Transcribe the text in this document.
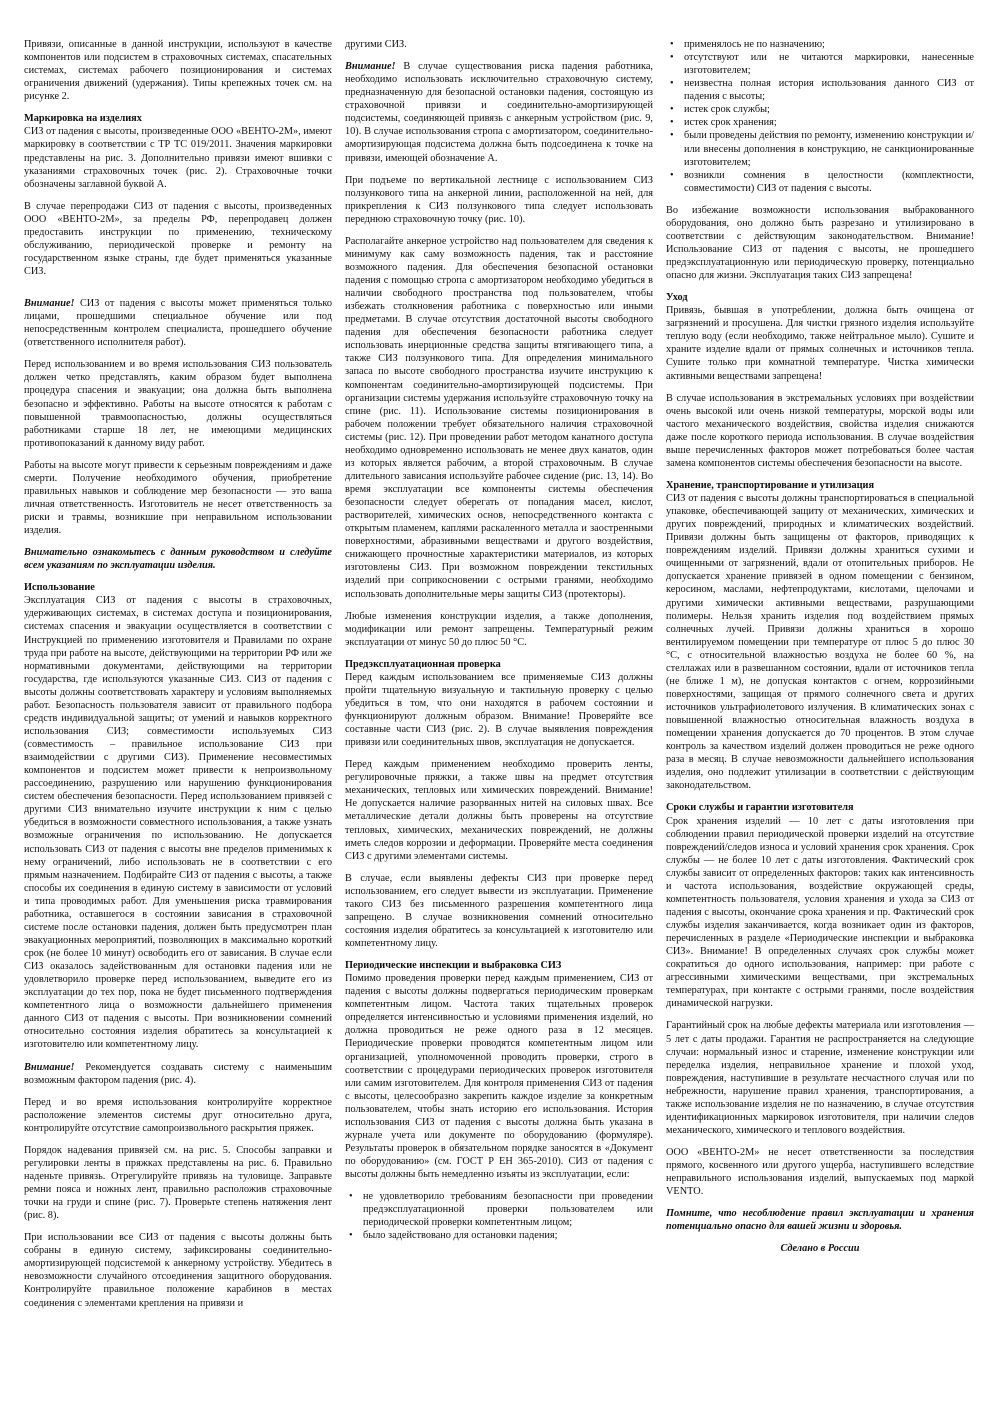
Привязи, описанные в данной инструкции, используют в качестве компонентов или подсистем в страховочных системах, спасательных системах, системах рабочего позиционирования и системах ограничения движений (удержания). Типы крепежных точек см. на рисунке 2.

Маркировка на изделиях

СИЗ от падения с высоты, произведенные ООО «ВЕНТО-2М», имеют маркировку в соответствии с ТР ТС 019/2011. Значения маркировки представлены на рис. 3. Дополнительно привязи имеют вшивки с указаниями страховочных точек (рис. 2). Страховочные точки обозначены заглавной буквой А.

В случае перепродажи СИЗ от падения с высоты, произведенных ООО «ВЕНТО-2М», за пределы РФ, перепродавец должен предоставить инструкции по применению, техническому обслуживанию, периодической проверке и ремонту на государственном языке страны, где будет применяться указанные СИЗ.

Внимание! СИЗ от падения с высоты может применяться только лицами, прошедшими специальное обучение или под непосредственным контролем специалиста, прошедшего обучение (ответственного исполнителя работ).

Перед использованием и во время использования СИЗ пользователь должен четко представлять, каким образом будет выполнена процедура спасения и эвакуации; она должна быть выполнена безопасно и эффективно. Работы на высоте относятся к работам с повышенной травмоопасностью, должны осуществляться работниками старше 18 лет, не имеющими медицинских противопоказаний к данному виду работ.

Работы на высоте могут привести к серьезным повреждениям и даже смерти. Получение необходимого обучения, приобретение правильных навыков и соблюдение мер безопасности — это ваша личная ответственность. Изготовитель не несет ответственность за риски и травмы, возникшие при неправильном использовании изделия.

Внимательно ознакомьтесь с данным руководством и следуйте всем указаниям по эксплуатации изделия.

Использование

Эксплуатация СИЗ от падения с высоты в страховочных, удерживающих системах, в системах доступа и позиционирования, системах спасения и эвакуации осуществляется в соответствии с Инструкцией по применению изготовителя и Правилами по охране труда при работе на высоте, действующими на территории РФ или же нормативными документами, действующими на территории государства, где используются указанные СИЗ. СИЗ от падения с высоты должны соответствовать характеру и условиям выполняемых работ. Безопасность пользователя зависит от правильного подбора средств индивидуальной защиты; от умений и навыков корректного использования СИЗ; совместимости используемых СИЗ (совместимость – правильное использование СИЗ при взаимодействии с другими СИЗ). Применение несовместимых компонентов и подсистем может привести к непроизвольному рассоединению, разрушению или нарушению функционирования систем обеспечения безопасности. Перед использованием привязей с другими СИЗ внимательно изучите инструкции к ним с целью убедиться в возможности совместного использования, а также узнать возможные ограничения по использованию. Не допускается использовать СИЗ от падения с высоты вне пределов применимых к нему ограничений, либо использовать не в соответствии с его прямым назначением. Подбирайте СИЗ от падения с высоты, а также способы их соединения в единую систему в зависимости от условий и типа проводимых работ. Для уменьшения риска травмирования работника, оставшегося в состоянии зависания в страховочной системе после остановки падения, должен быть предусмотрен план эвакуационных мероприятий, позволяющих в максимально короткий срок (не более 10 минут) освободить его от зависания. В случае если СИЗ оказалось задействованным для остановки падения или не удовлетворило проверке перед использованием, выведите его из эксплуатации до тех пор, пока не будет письменного подтверждения компетентного лица о возможности дальнейшего применения данного СИЗ от падения с высоты. При возникновении сомнений относительно состояния изделия обратитесь за консультацией к изготовителю или компетентному лицу.

Внимание! Рекомендуется создавать систему с наименьшим возможным фактором падения (рис. 4).

Перед и во время использования контролируйте корректное расположение элементов системы друг относительно друга, контролируйте отсутствие самопроизвольного раскрытия пряжек.

Порядок надевания привязей см. на рис. 5. Способы заправки и регулировки ленты в пряжках представлены на рис. 6. Правильно наденьте привязь. Отрегулируйте привязь на туловище. Заправьте ремни пояса и ножных лент, правильно расположив страховочные точки на груди и спине (рис. 7). Проверьте степень натяжения лент (рис. 8).

При использовании все СИЗ от падения с высоты должны быть собраны в единую систему, зафиксированы соединительно-амортизирующей подсистемой к анкерному устройству. Убедитесь в невозможности случайного отсоединения защитного оборудования. Контролируйте правильное положение карабинов в местах соединения с элементами крепления на привязи и

другими СИЗ.

Внимание! В случае существования риска падения работника, необходимо использовать исключительно страховочную систему, предназначенную для безопасной остановки падения, состоящую из страховочной привязи и соединительно-амортизирующей подсистемы, соединяющей привязь с анкерным устройством (рис. 9, 10). В случае использования стропа с амортизатором, соединительно-амортизирующая подсистема должна быть подсоединена к точке на привязи, имеющей обозначение А.

При подъеме по вертикальной лестнице с использованием СИЗ ползункового типа на анкерной линии, расположенной на ней, для прикрепления к СИЗ ползункового типа следует использовать переднюю страховочную точку (рис. 10).

Располагайте анкерное устройство над пользователем для сведения к минимуму как саму возможность падения, так и расстояние возможного падения. Для обеспечения безопасной остановки падения с помощью стропа с амортизатором необходимо убедиться в наличии свободного пространства под пользователем, чтобы избежать столкновения работника с поверхностью или иными предметами. В случае отсутствия достаточной высоты свободного падения для обеспечения безопасности работника следует использовать инерционные средства защиты втягивающего типа, а также СИЗ ползункового типа. Для определения минимального запаса по высоте свободного пространства изучите инструкцию к компонентам соединительно-амортизирующей подсистемы. При организации системы удержания используйте страховочную точку на спине (рис. 11). Использование системы позиционирования в рабочем положении требует обязательного наличия страховочной системы (рис. 12). При проведении работ методом канатного доступа необходимо одновременно использовать не менее двух канатов, один из которых является рабочим, а второй страховочным. В случае длительного зависания используйте рабочее сидение (рис. 13, 14). Во время эксплуатации все компоненты системы обеспечения безопасности следует оберегать от попадания масел, кислот, растворителей, химических основ, непосредственного контакта с открытым пламенем, каплями раскаленного металла и заостренными поверхностями, абразивными веществами и другого воздействия, снижающего прочностные характеристики материалов, из которых изготовлены СИЗ. При возможном повреждении текстильных изделий при соприкосновении с острыми гранями, необходимо использовать дополнительные меры защиты СИЗ (протекторы).

Любые изменения конструкции изделия, а также дополнения, модификации или ремонт запрещены. Температурный режим эксплуатации от минус 50 до плюс 50 °С.

Предэксплуатационная проверка

Перед каждым использованием все применяемые СИЗ должны пройти тщательную визуальную и тактильную проверку с целью убедиться в том, что они находятся в рабочем состоянии и функционируют должным образом. Внимание! Проверяйте все составные части СИЗ (рис. 2). В случае выявления повреждения привязи или соединительных швов, эксплуатация не допускается.

Перед каждым применением необходимо проверить ленты, регулировочные пряжки, а также швы на предмет отсутствия механических, тепловых или химических повреждений. Внимание! Не допускается наличие разорванных нитей на силовых швах. Все металлические детали должны быть проверены на отсутствие тепловых, химических, механических повреждений, не должны иметь следов коррозии и деформации. Проверяйте места соединения СИЗ с другими элементами системы.

В случае, если выявлены дефекты СИЗ при проверке перед использованием, его следует вывести из эксплуатации. Применение такого СИЗ без письменного разрешения компетентного лица запрещено. В случае возникновения сомнений относительно состояния изделия обратитесь за консультацией к изготовителю или компетентному лицу.

Периодические инспекции и выбраковка СИЗ

Помимо проведения проверки перед каждым применением, СИЗ от падения с высоты должны подвергаться периодическим проверкам компетентным лицом. Частота таких тщательных проверок определяется интенсивностью и условиями применения изделий, но должна проводиться не реже одного раза в 12 месяцев. Периодические проверки проводятся компетентным лицом или организацией, уполномоченной проводить проверки, строго в соответствии с процедурами периодических проверок изготовителя или самим изготовителем. Для контроля применения СИЗ от падения с высоты, целесообразно закрепить каждое изделие за конкретным пользователем, чтобы знать историю его использования. История использования СИЗ от падения с высоты должна быть указана в журнале учета или документе по оборудованию (формуляре). Результаты проверок в обязательном порядке заносятся в «Документ по оборудованию» (см. ГОСТ Р ЕН 365-2010). СИЗ от падения с высоты должны быть немедленно изъяты из эксплуатации, если:

• не удовлетворило требованиям безопасности при проведении предэксплуатационной проверки пользователем или периодической проверки компетентным лицом;
• было задействовано для остановки падения;
• применялось не по назначению;
• отсутствуют или не читаются маркировки, нанесенные изготовителем;
• неизвестна полная история использования данного СИЗ от падения с высоты;
• истек срок службы;
• истек срок хранения;
• были проведены действия по ремонту, изменению конструкции и/или внесены дополнения в конструкцию, не санкционированные изготовителем;
• возникли сомнения в целостности (комплектности, совместимости) СИЗ от падения с высоты.

Во избежание возможности использования выбракованного оборудования, оно должно быть разрезано и утилизировано в соответствии с действующим законодательством. Внимание! Использование СИЗ от падения с высоты, не прошедшего предэксплуатационную или периодическую проверку, потенциально опасно для жизни. Эксплуатация таких СИЗ запрещена!

Уход

Привязь, бывшая в употреблении, должна быть очищена от загрязнений и просушена. Для чистки грязного изделия используйте теплую воду (если необходимо, также нейтральное мыло). Сушите и храните изделие вдали от прямых солнечных и источников тепла. Сушите только при комнатной температуре. Чистка химически активными веществами запрещена!

В случае использования в экстремальных условиях при воздействии очень высокой или очень низкой температуры, морской воды или частого механического воздействия, свойства изделия снижаются даже после короткого периода использования. В случае воздействия выше перечисленных факторов может потребоваться более частая замена компонентов системы обеспечения безопасности на высоте.

Хранение, транспортирование и утилизация

СИЗ от падения с высоты должны транспортироваться в специальной упаковке, обеспечивающей защиту от механических, химических и других повреждений, природных и климатических воздействий. Привязи должны быть защищены от факторов, приводящих к повреждениям изделий. Привязи должны храниться сухими и очищенными от загрязнений, вдали от отопительных приборов. Не допускается хранение привязей в одном помещении с бензином, керосином, маслами, нефтепродуктами, кислотами, щелочами и другими химически активными веществами, разрушающими полимеры. Нельзя хранить изделия под воздействием прямых солнечных лучей. Привязи должны храниться в хорошо вентилируемом помещении при температуре от плюс 5 до плюс 30 °С, с относительной влажностью воздуха не более 60 %, на стеллажах или в развешанном состоянии, вдали от источников тепла (не ближе 1 м), не допуская контактов с огнем, коррозийными поверхностями, защищая от прямого солнечного света и других источников ультрафиолетового излучения. В климатических зонах с повышенной влажностью относительная влажность воздуха в помещении хранения допускается до 70 процентов. В этом случае контроль за качеством изделий должен проводиться не реже одного раза в месяц. В случае невозможности дальнейшего использования изделия, оно подлежит утилизации в соответствии с действующим законодательством.

Сроки службы и гарантии изготовителя

Срок хранения изделий — 10 лет с даты изготовления при соблюдении правил периодической проверки изделий на отсутствие повреждений/следов износа и условий хранения срок хранения. Срок службы — не более 10 лет с даты изготовления. Фактический срок службы зависит от определенных факторов: таких как интенсивность и частота использования, воздействие окружающей среды, компетентность пользователя, условия хранения и ухода за СИЗ от падения с высоты, окончание срока хранения и пр. Фактический срок службы изделия заканчивается, когда возникает один из факторов, перечисленных в разделе «Периодические инспекции и выбраковка СИЗ». Внимание! В определенных случаях срок службы может сократиться до одного использования, например: при работе с агрессивными химическими веществами, при экстремальных температурах, при контакте с острыми гранями, после воздействия динамической нагрузки.

Гарантийный срок на любые дефекты материала или изготовления — 5 лет с даты продажи. Гарантия не распространяется на следующие случаи: нормальный износ и старение, изменение конструкции или переделка изделия, неправильное хранение и плохой уход, повреждения, наступившие в результате несчастного случая или по небрежности, нарушение правил хранения, транспортирования, а также использование изделия не по назначению, в случае отсутствия идентификационных маркировок изготовителя, при наличии следов механического, химического и теплового воздействия.

ООО «ВЕНТО-2М» не несет ответственности за последствия прямого, косвенного или другого ущерба, наступившего вследствие неправильного использования изделий, выпускаемых под маркой VENTO.

Помните, что несоблюдение правил эксплуатации и хранения потенциально опасно для вашей жизни и здоровья.

Сделано в России
